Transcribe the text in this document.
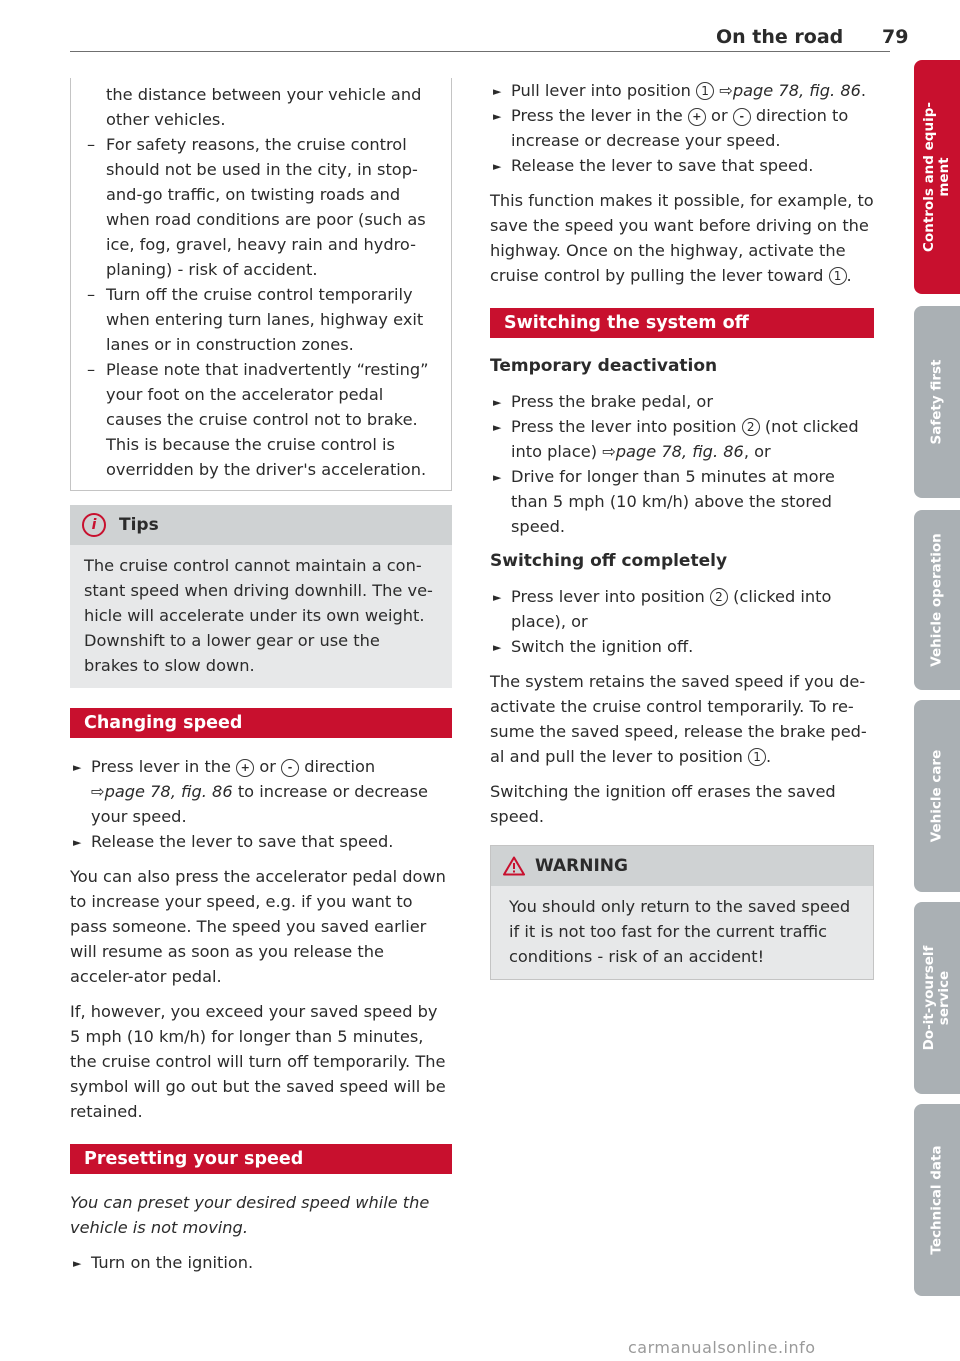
On the road 79

the distance between your vehicle and other vehicles.

– For safety reasons, the cruise control should not be used in the city, in stop-and-go traffic, on twisting roads and when road conditions are poor (such as ice, fog, gravel, heavy rain and hydro-planing) - risk of accident.
– Turn off the cruise control temporarily when entering turn lanes, highway exit lanes or in construction zones.
– Please note that inadvertently “resting” your foot on the accelerator pedal causes the cruise control not to brake. This is because the cruise control is overridden by the driver's acceleration.
i	Tips
The cruise control cannot maintain a con-stant speed when driving downhill. The ve-hicle will accelerate under its own weight. Downshift to a lower gear or use the brakes to slow down.
Changing speed
► Press lever in the + or - direction
⇨page 78, fig. 86 to increase or decrease your speed.
► Release the lever to save that speed.

You can also press the accelerator pedal down to increase your speed, e.g. if you want to pass someone. The speed you saved earlier will resume as soon as you release the acceler-ator pedal.

If, however, you exceed your saved speed by 5 mph (10 km/h) for longer than 5 minutes, the cruise control will turn off temporarily. The symbol will go out but the saved speed will be retained.

Presetting your speed

You can preset your desired speed while the vehicle is not moving.

► Turn on the ignition.
► Pull lever into position 1 ⇨page 78, fig. 86.
► Press the lever in the + or - direction to increase or decrease your speed.
► Release the lever to save that speed.

This function makes it possible, for example, to save the speed you want before driving on the highway. Once on the highway, activate the cruise control by pulling the lever toward 1 .

Switching the system off
Temporary deactivation
► Press the brake pedal, or
► Press the lever into position 2 (not clicked into place) ⇨page 78, fig. 86, or
► Drive for longer than 5 minutes at more than 5 mph (10 km/h) above the stored speed.
Switching off completely
► Press lever into position 2 (clicked into place), or
► Switch the ignition off.

The system retains the saved speed if you de-activate the cruise control temporarily. To re-sume the saved speed, release the brake ped-al and pull the lever to position 1 .

Switching the ignition off erases the saved speed.

WARNING
You should only return to the saved speed if it is not too fast for the current traffic conditions - risk of an accident!
Controls and equip-
ment
Safety first
Vehicle operation
Vehicle care
Do-it-yourself
service
Technical data
carmanualsonline.info
